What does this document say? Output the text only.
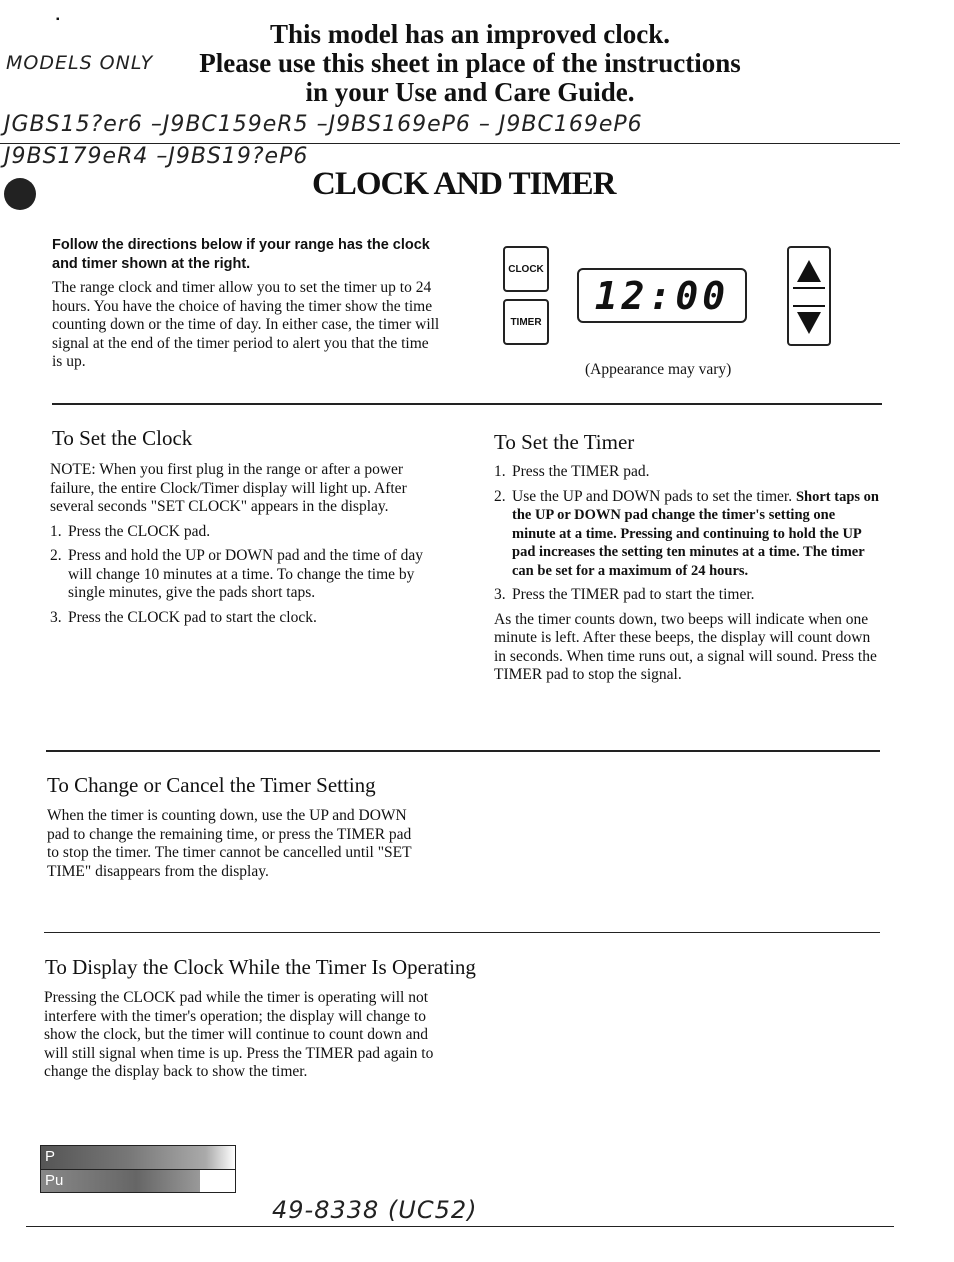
▪
MODELS ONLY
This model has an improved clock.
Please use this sheet in place of the instructions
in your Use and Care Guide.
JGBS15?er6 –J9BC159eR5 –J9BS169eP6 – J9BC169eP6
J9BS179eR4 –J9BS19?eP6
CLOCK AND TIMER
Follow the directions below if your range has the clock and timer shown at the right.
The range clock and timer allow you to set the timer up to 24 hours. You have the choice of having the timer show the time counting down or the time of day. In either case, the timer will signal at the end of the timer period to alert you that the time is up.
CLOCK
TIMER
12:00
(Appearance may vary)
To Set the Clock
NOTE: When you first plug in the range or after a power failure, the entire Clock/Timer display will light up. After several seconds "SET CLOCK" appears in the display.
1. Press the CLOCK pad.
2. Press and hold the UP or DOWN pad and the time of day will change 10 minutes at a time. To change the time by single minutes, give the pads short taps.
3. Press the CLOCK pad to start the clock.
To Set the Timer
1. Press the TIMER pad.
2. Use the UP and DOWN pads to set the timer. Short taps on the UP or DOWN pad change the timer's setting one minute at a time. Pressing and continuing to hold the UP pad increases the setting ten minutes at a time. The timer can be set for a maximum of 24 hours.
3. Press the TIMER pad to start the timer.
As the timer counts down, two beeps will indicate when one minute is left. After these beeps, the display will count down in seconds. When time runs out, a signal will sound. Press the TIMER pad to stop the signal.
To Change or Cancel the Timer Setting
When the timer is counting down, use the UP and DOWN pad to change the remaining time, or press the TIMER pad to stop the timer. The timer cannot be cancelled until "SET TIME" disappears from the display.
To Display the Clock While the Timer Is Operating
Pressing the CLOCK pad while the timer is operating will not interfere with the timer's operation; the display will change to show the clock, but the timer will continue to count down and will still signal when time is up. Press the TIMER pad again to change the display back to show the timer.
P
Pu
49-8338 (UC52)
